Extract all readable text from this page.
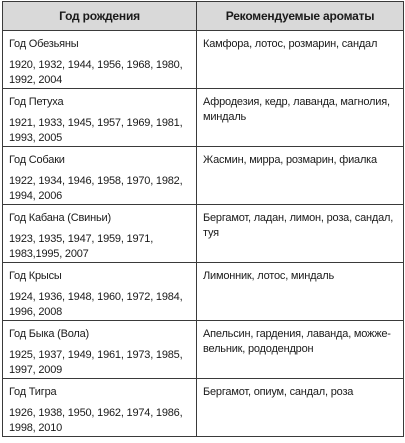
Год рождения	Рекомендуемые ароматы

Год Обезьяны
1920, 1932, 1944, 1956, 1968, 1980, 1992, 2004	Камфора, лотос, розмарин, сандал

Год Петуха
1921, 1933, 1945, 1957, 1969, 1981, 1993, 2005	Афродезия, кедр, лаванда, магнолия, миндаль

Год Собаки
1922, 1934, 1946, 1958, 1970, 1982, 1994, 2006	Жасмин, мирра, розмарин, фиалка

Год Кабана (Свиньи)
1923, 1935, 1947, 1959, 1971, 1983,1995, 2007	Бергамот, ладан, лимон, роза, сандал, туя

Год Крысы
1924, 1936, 1948, 1960, 1972, 1984, 1996, 2008	Лимонник, лотос, миндаль

Год Быка (Вола)
1925, 1937, 1949, 1961, 1973, 1985, 1997, 2009	Апельсин, гардения, лаванда, можже-вельник, рододендрон

Год Тигра
1926, 1938, 1950, 1962, 1974, 1986, 1998, 2010	Бергамот, опиум, сандал, роза
